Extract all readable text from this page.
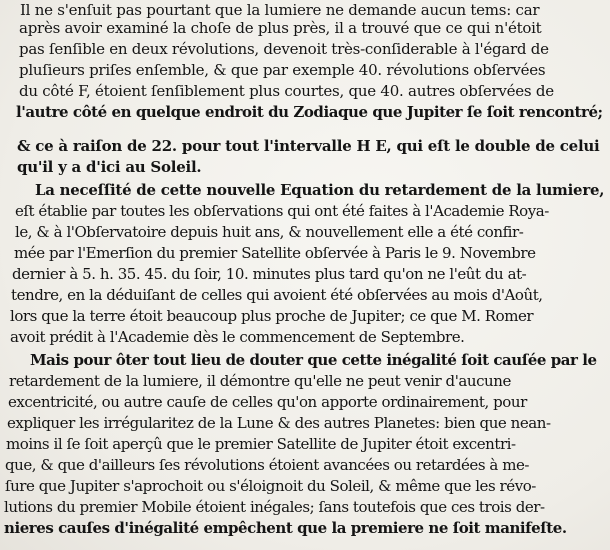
Il ne s'enſuit pas pourtant que la lumiere ne demande aucun tems: car
après avoir examiné la choſe de plus près, il a trouvé que ce qui n'étoit
pas ſenſible en deux révolutions, devenoit très-conſiderable à l'égard de
pluſieurs priſes enſemble, & que par exemple 40. révolutions obſervées
du côté F, étoient ſenſiblement plus courtes, que 40. autres obſervées de
l'autre côté en quelque endroit du Zodiaque que Jupiter ſe ſoit rencontré;
& ce à raiſon de 22. pour tout l'intervalle H E, qui eſt le double de celui
qu'il y a d'ici au Soleil.
La neceſſité de cette nouvelle Equation du retardement de la lumiere,
eſt établie par toutes les obſervations qui ont été faites à l'Academie Roya-
le, & à l'Obſervatoire depuis huit ans, & nouvellement elle a été confir-
mée par l'Emerſion du premier Satellite obſervée à Paris le 9. Novembre
dernier à 5. h. 35. 45. du ſoir, 10. minutes plus tard qu'on ne l'eût du at-
tendre, en la déduiſant de celles qui avoient été obſervées au mois d'Août,
lors que la terre étoit beaucoup plus proche de Jupiter; ce que M. Romer
avoit prédit à l'Academie dès le commencement de Septembre.
Mais pour ôter tout lieu de douter que cette inégalité ſoit cauſée par le
retardement de la lumiere, il démontre qu'elle ne peut venir d'aucune
excentricité, ou autre cauſe de celles qu'on apporte ordinairement, pour
expliquer les irrégularitez de la Lune & des autres Planetes: bien que nean-
moins il ſe ſoit aperçû que le premier Satellite de Jupiter étoit excentri-
que, & que d'ailleurs ſes révolutions étoient avancées ou retardées à me-
ſure que Jupiter s'aprochoit ou s'éloignoit du Soleil, & même que les révo-
lutions du premier Mobile étoient inégales; ſans toutefois que ces trois der-
nieres cauſes d'inégalité empêchent que la premiere ne ſoit manifeſte.
